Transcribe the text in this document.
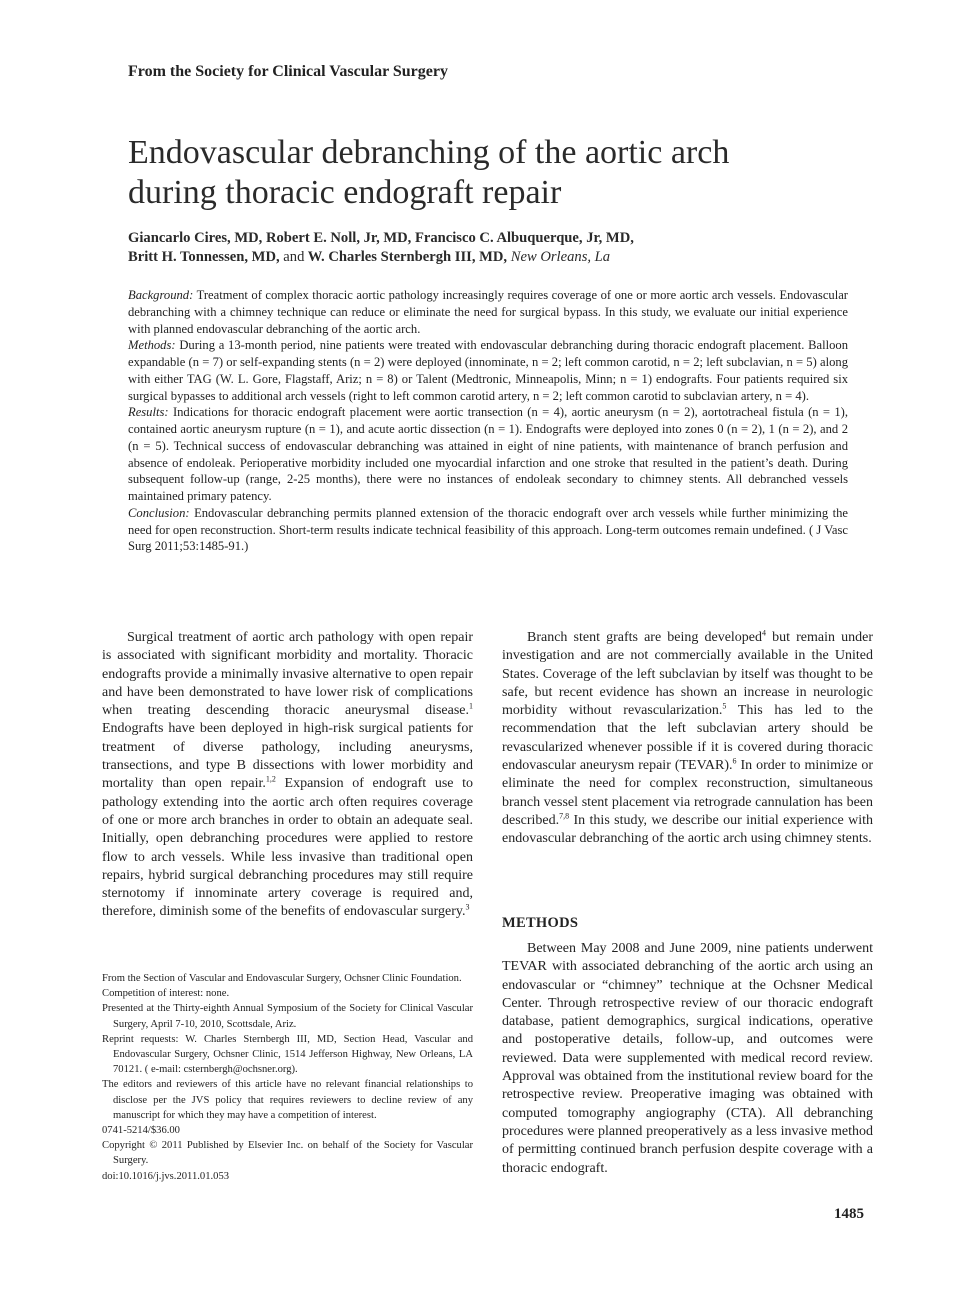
From the Society for Clinical Vascular Surgery
Endovascular debranching of the aortic arch
during thoracic endograft repair
Giancarlo Cires, MD, Robert E. Noll, Jr, MD, Francisco C. Albuquerque, Jr, MD,
Britt H. Tonnessen, MD, and W. Charles Sternbergh III, MD, New Orleans, La

Background: Treatment of complex thoracic aortic pathology increasingly requires coverage of one or more aortic arch vessels. Endovascular debranching with a chimney technique can reduce or eliminate the need for surgical bypass. In this study, we evaluate our initial experience with planned endovascular debranching of the aortic arch.

Methods: During a 13-month period, nine patients were treated with endovascular debranching during thoracic endograft placement. Balloon expandable (n = 7) or self-expanding stents (n = 2) were deployed (innominate, n = 2; left common carotid, n = 2; left subclavian, n = 5) along with either TAG (W. L. Gore, Flagstaff, Ariz; n = 8) or Talent (Medtronic, Minneapolis, Minn; n = 1) endografts. Four patients required six surgical bypasses to additional arch vessels (right to left common carotid artery, n = 2; left common carotid to subclavian artery, n = 4).

Results: Indications for thoracic endograft placement were aortic transection (n = 4), aortic aneurysm (n = 2), aortotracheal fistula (n = 1), contained aortic aneurysm rupture (n = 1), and acute aortic dissection (n = 1). Endografts were deployed into zones 0 (n = 2), 1 (n = 2), and 2 (n = 5). Technical success of endovascular debranching was attained in eight of nine patients, with maintenance of branch perfusion and absence of endoleak. Perioperative morbidity included one myocardial infarction and one stroke that resulted in the patient’s death. During subsequent follow-up (range, 2-25 months), there were no instances of endoleak secondary to chimney stents. All debranched vessels maintained primary patency.

Conclusion: Endovascular debranching permits planned extension of the thoracic endograft over arch vessels while further minimizing the need for open reconstruction. Short-term results indicate technical feasibility of this approach. Long-term outcomes remain undefined. ( J Vasc Surg 2011;53:1485-91.)

Surgical treatment of aortic arch pathology with open repair is associated with significant morbidity and mortality. Thoracic endografts provide a minimally invasive alternative to open repair and have been demonstrated to have lower risk of complications when treating descending thoracic aneurysmal disease.$^1$ Endografts have been deployed in high-risk surgical patients for treatment of diverse pathology, including aneurysms, transections, and type B dissections with lower morbidity and mortality than open repair.$^{1,2}$ Expansion of endograft use to pathology extending into the aortic arch often requires coverage of one or more arch branches in order to obtain an adequate seal. Initially, open debranching procedures were applied to restore flow to arch vessels. While less invasive than traditional open repairs, hybrid surgical debranching procedures may still require sternotomy if innominate artery coverage is required and, therefore, diminish some of the benefits of endovascular surgery.$^3$

From the Section of Vascular and Endovascular Surgery, Ochsner Clinic Foundation.

Competition of interest: none.

Presented at the Thirty-eighth Annual Symposium of the Society for Clinical Vascular Surgery, April 7-10, 2010, Scottsdale, Ariz.

Reprint requests: W. Charles Sternbergh III, MD, Section Head, Vascular and Endovascular Surgery, Ochsner Clinic, 1514 Jefferson Highway, New Orleans, LA 70121. ( e-mail: csternbergh@ochsner.org).

The editors and reviewers of this article have no relevant financial relationships to disclose per the JVS policy that requires reviewers to decline review of any manuscript for which they may have a competition of interest.

0741-5214/$36.00

Copyright © 2011 Published by Elsevier Inc. on behalf of the Society for Vascular Surgery.

doi:10.1016/j.jvs.2011.01.053

Branch stent grafts are being developed$^4$ but remain under investigation and are not commercially available in the United States. Coverage of the left subclavian by itself was thought to be safe, but recent evidence has shown an increase in neurologic morbidity without revascularization.$^5$ This has led to the recommendation that the left subclavian artery should be revascularized whenever possible if it is covered during thoracic endovascular aneurysm repair (TEVAR).$^6$ In order to minimize or eliminate the need for complex reconstruction, simultaneous branch vessel stent placement via retrograde cannulation has been described.$^{7,8}$ In this study, we describe our initial experience with endovascular debranching of the aortic arch using chimney stents.

METHODS

Between May 2008 and June 2009, nine patients underwent TEVAR with associated debranching of the aortic arch using an endovascular or “chimney” technique at the Ochsner Medical Center. Through retrospective review of our thoracic endograft database, patient demographics, surgical indications, operative and postoperative details, follow-up, and outcomes were reviewed. Data were supplemented with medical record review. Approval was obtained from the institutional review board for the retrospective review. Preoperative imaging was obtained with computed tomography angiography (CTA). All debranching procedures were planned preoperatively as a less invasive method of permitting continued branch perfusion despite coverage with a thoracic endograft.

1485
